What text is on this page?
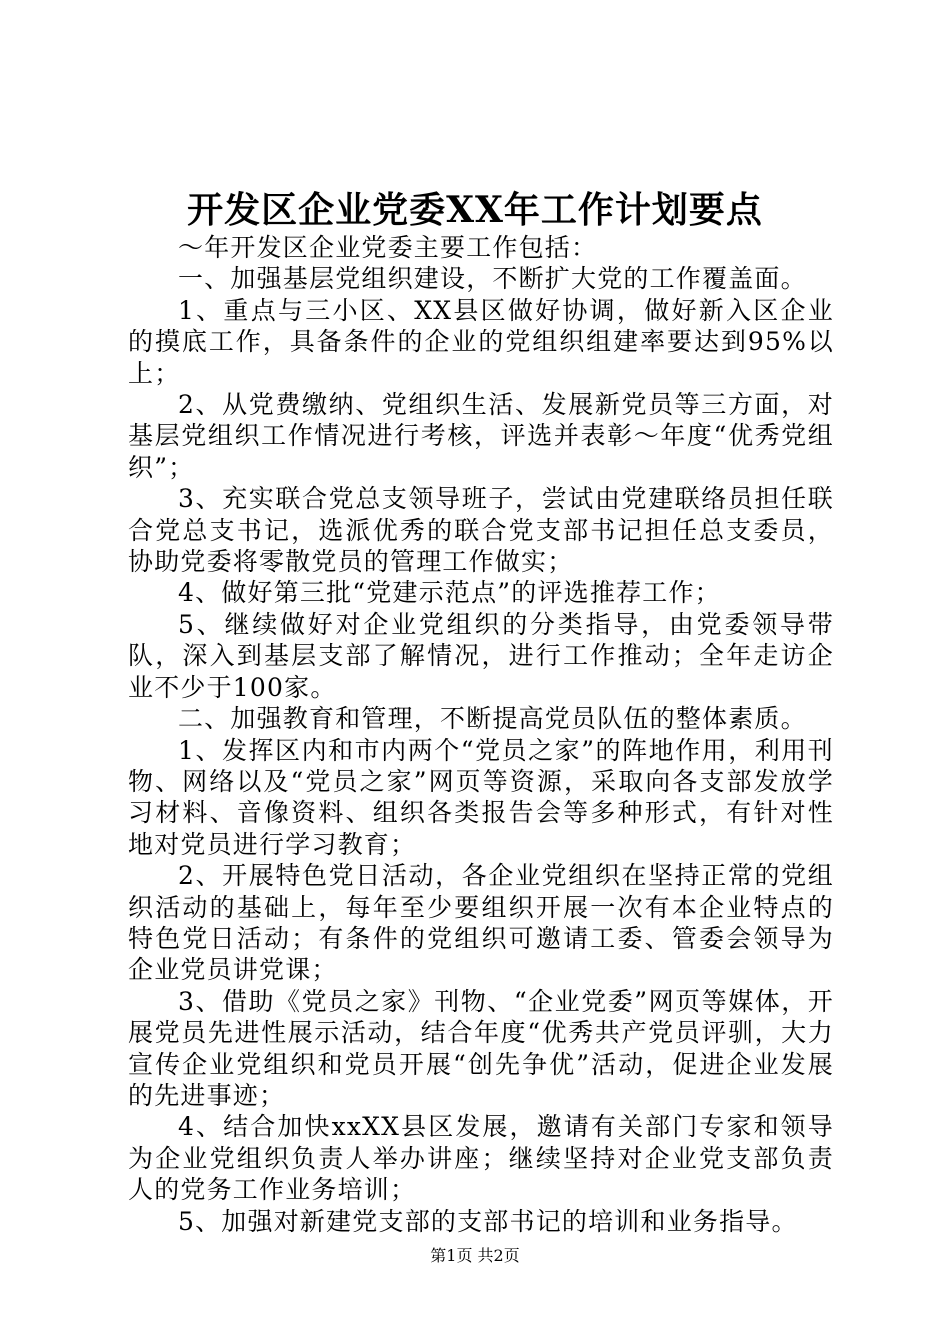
开发区企业党委XX年工作计划要点

～年开发区企业党委主要工作包括：

一、加强基层党组织建设，不断扩大党的工作覆盖面。

1、重点与三小区、XX县区做好协调，做好新入区企业的摸底工作，具备条件的企业的党组织组建率要达到95%以上；

2、从党费缴纳、党组织生活、发展新党员等三方面，对基层党组织工作情况进行考核，评选并表彰～年度“优秀党组织”；

3、充实联合党总支领导班子，尝试由党建联络员担任联合党总支书记，选派优秀的联合党支部书记担任总支委员，协助党委将零散党员的管理工作做实；

4、做好第三批“党建示范点”的评选推荐工作；

5、继续做好对企业党组织的分类指导，由党委领导带队，深入到基层支部了解情况，进行工作推动；全年走访企业不少于100家。

二、加强教育和管理，不断提高党员队伍的整体素质。

1、发挥区内和市内两个“党员之家”的阵地作用，利用刊物、网络以及“党员之家”网页等资源，采取向各支部发放学习材料、音像资料、组织各类报告会等多种形式，有针对性地对党员进行学习教育；

2、开展特色党日活动，各企业党组织在坚持正常的党组织活动的基础上，每年至少要组织开展一次有本企业特点的特色党日活动；有条件的党组织可邀请工委、管委会领导为企业党员讲党课；

3、借助《党员之家》刊物、“企业党委”网页等媒体，开展党员先进性展示活动，结合年度“优秀共产党员评驯，大力宣传企业党组织和党员开展“创先争优”活动，促进企业发展的先进事迹；

4、结合加快xxXX县区发展，邀请有关部门专家和领导为企业党组织负责人举办讲座；继续坚持对企业党支部负责人的党务工作业务培训；

5、加强对新建党支部的支部书记的培训和业务指导。

第1页 共2页
